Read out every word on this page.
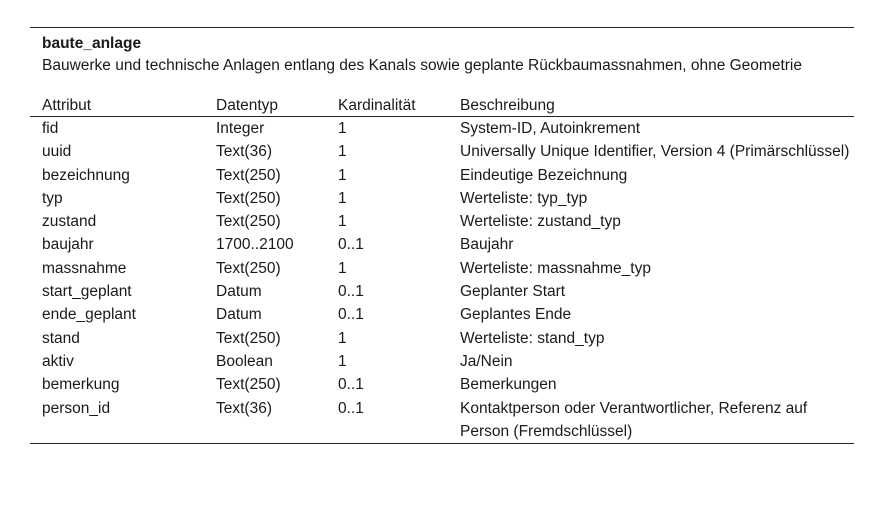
baute_anlage
Bauwerke und technische Anlagen entlang des Kanals sowie geplante Rückbaumassnahmen, ohne Geometrie
Attribut	Datentyp	Kardinalität	Beschreibung
fid	Integer	1	System-ID, Autoinkrement
uuid	Text(36)	1	Universally Unique Identifier, Version 4 (Primärschlüssel)
bezeichnung	Text(250)	1	Eindeutige Bezeichnung
typ	Text(250)	1	Werteliste: typ_typ
zustand	Text(250)	1	Werteliste: zustand_typ
baujahr	1700..2100	0..1	Baujahr
massnahme	Text(250)	1	Werteliste: massnahme_typ
start_geplant	Datum	0..1	Geplanter Start
ende_geplant	Datum	0..1	Geplantes Ende
stand	Text(250)	1	Werteliste: stand_typ
aktiv	Boolean	1	Ja/Nein
bemerkung	Text(250)	0..1	Bemerkungen
person_id	Text(36)	0..1	Kontaktperson oder Verantwortlicher, Referenz auf Person (Fremdschlüssel)
